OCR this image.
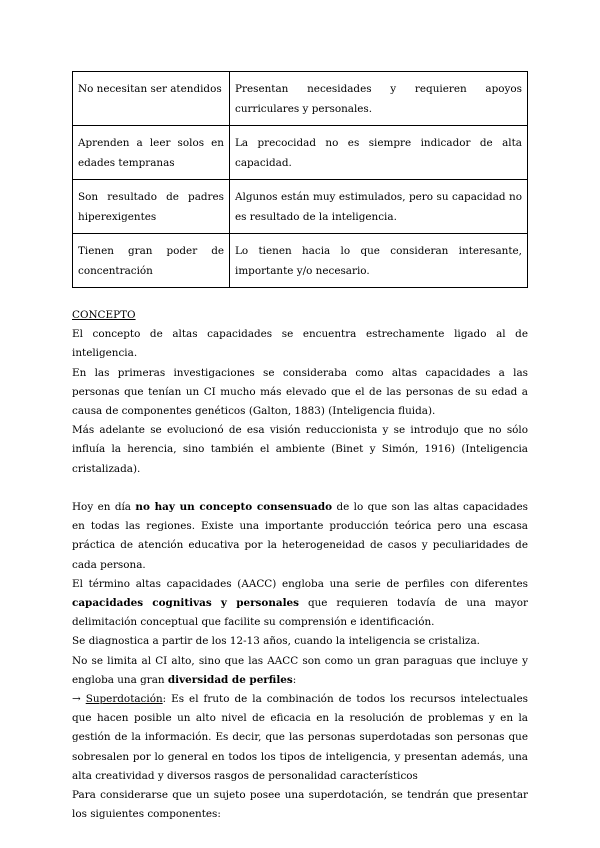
No necesitan ser atendidos	Presentan necesidades y requieren apoyos curriculares y personales.
Aprenden a leer solos en edades tempranas	La precocidad no es siempre indicador de alta capacidad.
Son resultado de padres hiperexigentes	Algunos están muy estimulados, pero su capacidad no es resultado de la inteligencia.
Tienen gran poder de concentración	Lo tienen hacia lo que consideran interesante, importante y/o necesario.

CONCEPTO

El concepto de altas capacidades se encuentra estrechamente ligado al de inteligencia.

En las primeras investigaciones se consideraba como altas capacidades a las personas que tenían un CI mucho más elevado que el de las personas de su edad a causa de componentes genéticos (Galton, 1883) (Inteligencia fluida).

Más adelante se evolucionó de esa visión reduccionista y se introdujo que no sólo influía la herencia, sino también el ambiente (Binet y Simón, 1916) (Inteligencia cristalizada).

Hoy en día no hay un concepto consensuado de lo que son las altas capacidades en todas las regiones. Existe una importante producción teórica pero una escasa práctica de atención educativa por la heterogeneidad de casos y peculiaridades de cada persona.

El término altas capacidades (AACC) engloba una serie de perfiles con diferentes capacidades cognitivas y personales que requieren todavía de una mayor delimitación conceptual que facilite su comprensión e identificación.

Se diagnostica a partir de los 12-13 años, cuando la inteligencia se cristaliza.

No se limita al CI alto, sino que las AACC son como un gran paraguas que incluye y engloba una gran diversidad de perfiles:

→ Superdotación: Es el fruto de la combinación de todos los recursos intelectuales que hacen posible un alto nivel de eficacia en la resolución de problemas y en la gestión de la información. Es decir, que las personas superdotadas son personas que sobresalen por lo general en todos los tipos de inteligencia, y presentan además, una alta creatividad y diversos rasgos de personalidad característicos

Para considerarse que un sujeto posee una superdotación, se tendrán que presentar los siguientes componentes:
